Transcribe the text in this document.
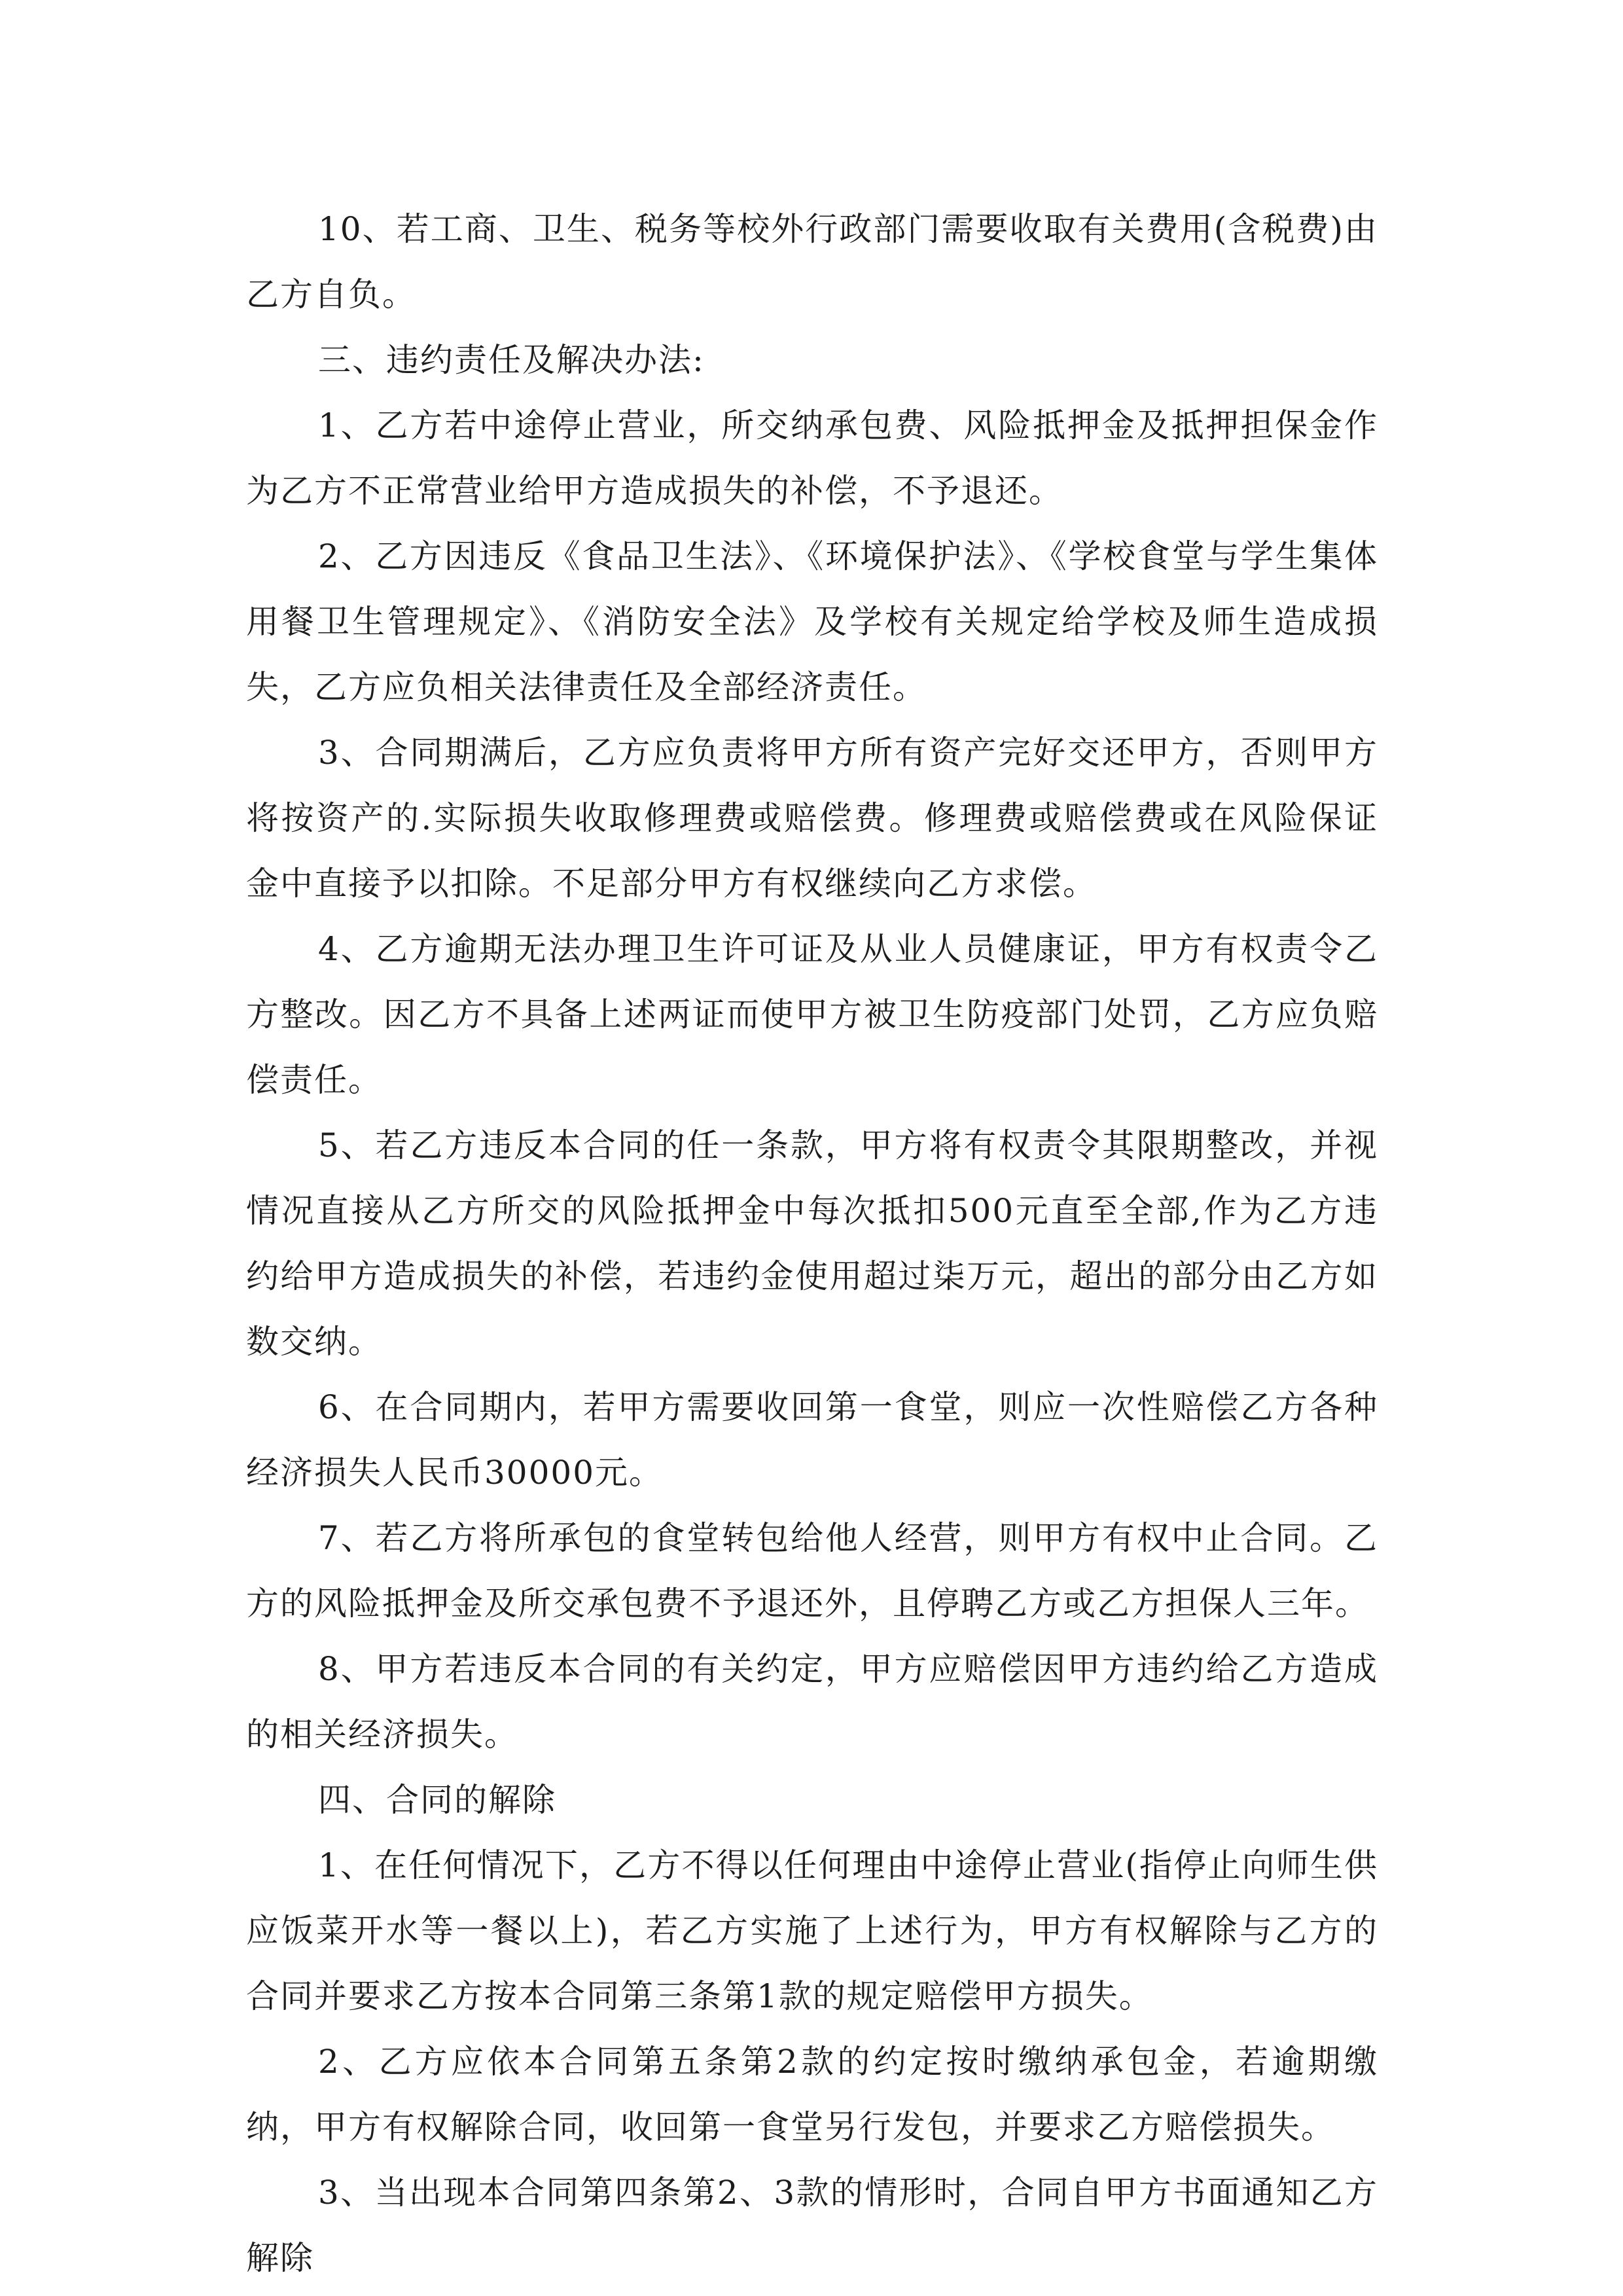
10、若工商、卫生、税务等校外行政部门需要收取有关费用(含税费)由乙方自负。

三、违约责任及解决办法:

1、乙方若中途停止营业，所交纳承包费、风险抵押金及抵押担保金作为乙方不正常营业给甲方造成损失的补偿，不予退还。

2、乙方因违反《食品卫生法》、《环境保护法》、《学校食堂与学生集体用餐卫生管理规定》、《消防安全法》及学校有关规定给学校及师生造成损失，乙方应负相关法律责任及全部经济责任。

3、合同期满后，乙方应负责将甲方所有资产完好交还甲方，否则甲方将按资产的.实际损失收取修理费或赔偿费。修理费或赔偿费或在风险保证金中直接予以扣除。不足部分甲方有权继续向乙方求偿。

4、乙方逾期无法办理卫生许可证及从业人员健康证，甲方有权责令乙方整改。因乙方不具备上述两证而使甲方被卫生防疫部门处罚，乙方应负赔偿责任。

5、若乙方违反本合同的任一条款，甲方将有权责令其限期整改，并视情况直接从乙方所交的风险抵押金中每次抵扣500元直至全部,作为乙方违约给甲方造成损失的补偿，若违约金使用超过柒万元，超出的部分由乙方如数交纳。

6、在合同期内，若甲方需要收回第一食堂，则应一次性赔偿乙方各种经济损失人民币30000元。

7、若乙方将所承包的食堂转包给他人经营，则甲方有权中止合同。乙方的风险抵押金及所交承包费不予退还外，且停聘乙方或乙方担保人三年。

8、甲方若违反本合同的有关约定，甲方应赔偿因甲方违约给乙方造成的相关经济损失。

四、合同的解除

1、在任何情况下，乙方不得以任何理由中途停止营业(指停止向师生供应饭菜开水等一餐以上)，若乙方实施了上述行为，甲方有权解除与乙方的合同并要求乙方按本合同第三条第1款的规定赔偿甲方损失。

2、乙方应依本合同第五条第2款的约定按时缴纳承包金，若逾期缴纳，甲方有权解除合同，收回第一食堂另行发包，并要求乙方赔偿损失。

3、当出现本合同第四条第2、3款的情形时，合同自甲方书面通知乙方解除
